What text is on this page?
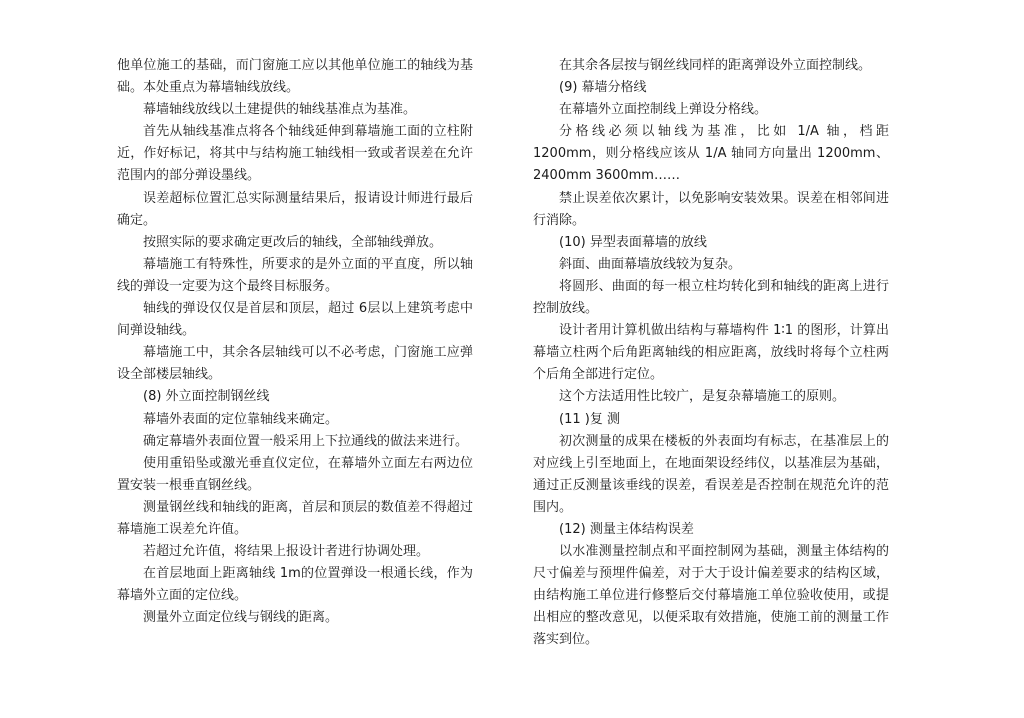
他单位施工的基础，而门窗施工应以其他单位施工的轴线为基础。本处重点为幕墙轴线放线。

幕墙轴线放线以土建提供的轴线基准点为基准。

首先从轴线基准点将各个轴线延伸到幕墙施工面的立柱附近，作好标记，将其中与结构施工轴线相一致或者误差在允许范围内的部分弹设墨线。

误差超标位置汇总实际测量结果后，报请设计师进行最后确定。

按照实际的要求确定更改后的轴线，全部轴线弹放。

幕墙施工有特殊性，所要求的是外立面的平直度，所以轴线的弹设一定要为这个最终目标服务。

轴线的弹设仅仅是首层和顶层，超过 6层以上建筑考虑中间弹设轴线。

幕墙施工中，其余各层轴线可以不必考虑，门窗施工应弹设全部楼层轴线。

(8) 外立面控制钢丝线

幕墙外表面的定位靠轴线来确定。

确定幕墙外表面位置一般采用上下拉通线的做法来进行。

使用重铅坠或激光垂直仪定位，在幕墙外立面左右两边位置安装一根垂直钢丝线。

测量钢丝线和轴线的距离，首层和顶层的数值差不得超过幕墙施工误差允许值。

若超过允许值，将结果上报设计者进行协调处理。

在首层地面上距离轴线 1m的位置弹设一根通长线，作为幕墙外立面的定位线。

测量外立面定位线与钢线的距离。

在其余各层按与钢丝线同样的距离弹设外立面控制线。

(9) 幕墙分格线

在幕墙外立面控制线上弹设分格线。

分格线必须以轴线为基准，比如 1/A 轴，档距1200mm，则分格线应该从 1/A 轴同方向量出 1200mm、2400mm 3600mm……

禁止误差依次累计，以免影响安装效果。误差在相邻间进行消除。

(10) 异型表面幕墙的放线

斜面、曲面幕墙放线较为复杂。

将圆形、曲面的每一根立柱均转化到和轴线的距离上进行控制放线。

设计者用计算机做出结构与幕墙构件 1∶1 的图形，计算出幕墙立柱两个后角距离轴线的相应距离，放线时将每个立柱两个后角全部进行定位。

这个方法适用性比较广，是复杂幕墙施工的原则。

(11 )复 测

初次测量的成果在楼板的外表面均有标志，在基准层上的对应线上引至地面上，在地面架设经纬仪，以基准层为基础，通过正反测量该垂线的误差，看误差是否控制在规范允许的范围内。

(12) 测量主体结构误差

以水准测量控制点和平面控制网为基础，测量主体结构的尺寸偏差与预埋件偏差，对于大于设计偏差要求的结构区域，由结构施工单位进行修整后交付幕墙施工单位验收使用，或提出相应的整改意见，以便采取有效措施，使施工前的测量工作落实到位。
